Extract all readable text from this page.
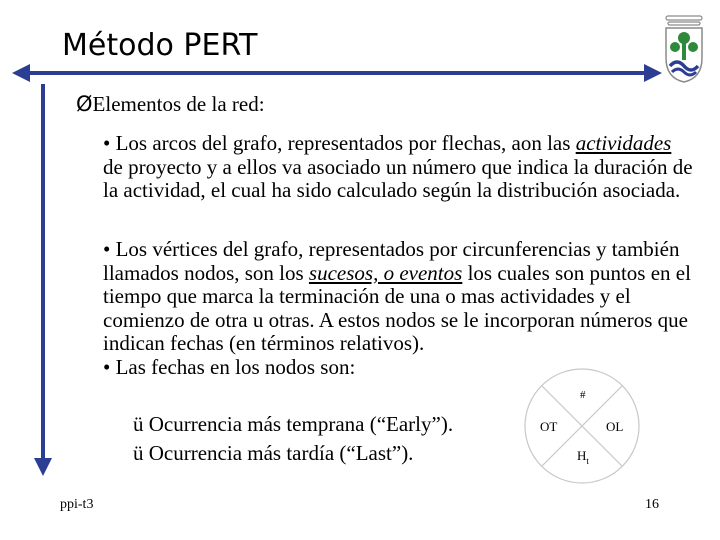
Método PERT
ØElementos de la red:
• Los arcos del grafo, representados por flechas, aon las actividades de proyecto y a ellos va asociado un número que indica la duración de la actividad, el cual ha sido calculado según la distribución asociada.
• Los vértices del grafo, representados por circunferencias y también llamados nodos, son los sucesos, o eventos los cuales son puntos en el tiempo que marca la terminación de una o mas actividades y el comienzo de otra u otras. A estos nodos se le incorporan números que indican fechas (en términos relativos).
• Las fechas en los nodos son:
ü Ocurrencia más temprana (“Early”).
ü Ocurrencia más tardía (“Last”).
#
OT	OL
$H_t$
ppi-t3	16
